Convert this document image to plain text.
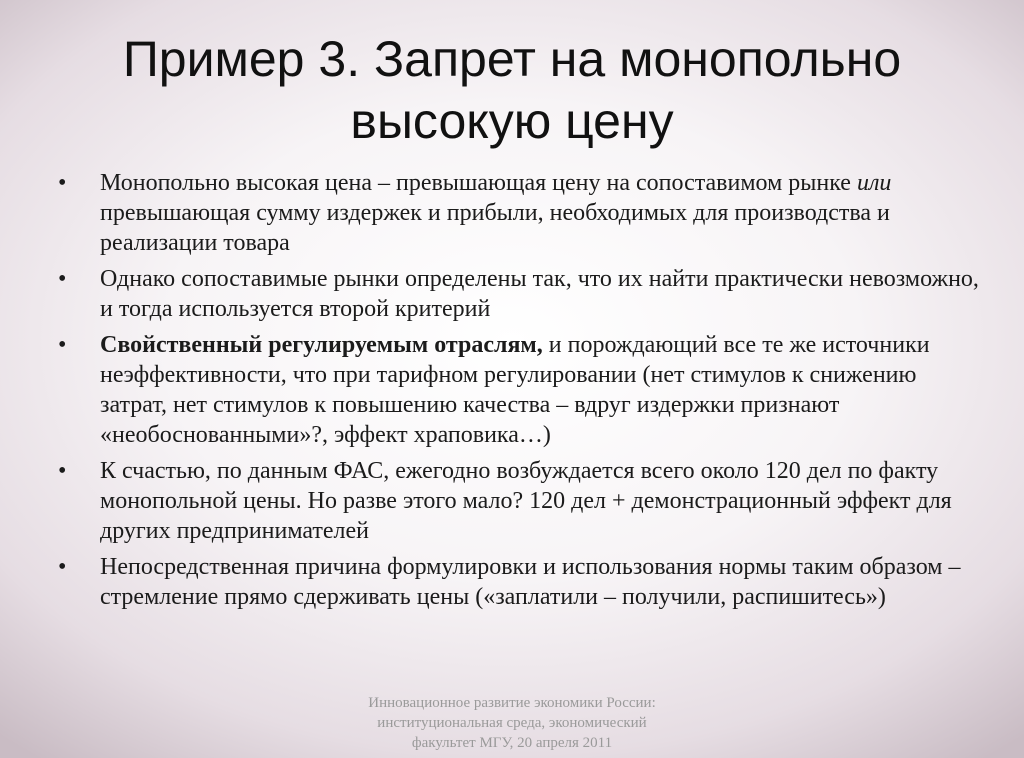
Пример 3. Запрет на монопольно высокую цену
•	Монопольно высокая цена – превышающая цену на сопоставимом рынке или превышающая сумму издержек и прибыли, необходимых для производства и реализации товара
•	Однако сопоставимые рынки определены так, что их найти практически невозможно, и тогда используется второй критерий
•	Свойственный регулируемым отраслям, и порождающий все те же источники неэффективности, что при тарифном регулировании (нет стимулов к снижению затрат, нет стимулов к повышению качества – вдруг издержки признают «необоснованными»?, эффект храповика…)
•	К счастью, по данным ФАС, ежегодно возбуждается всего около 120 дел по факту монопольной цены. Но разве этого мало? 120 дел + демонстрационный эффект для других предпринимателей
•	Непосредственная причина формулировки и использования нормы таким образом – стремление прямо сдерживать цены («заплатили – получили, распишитесь»)
Инновационное развитие экономики России:
институциональная среда, экономический
факультет МГУ, 20 апреля 2011
